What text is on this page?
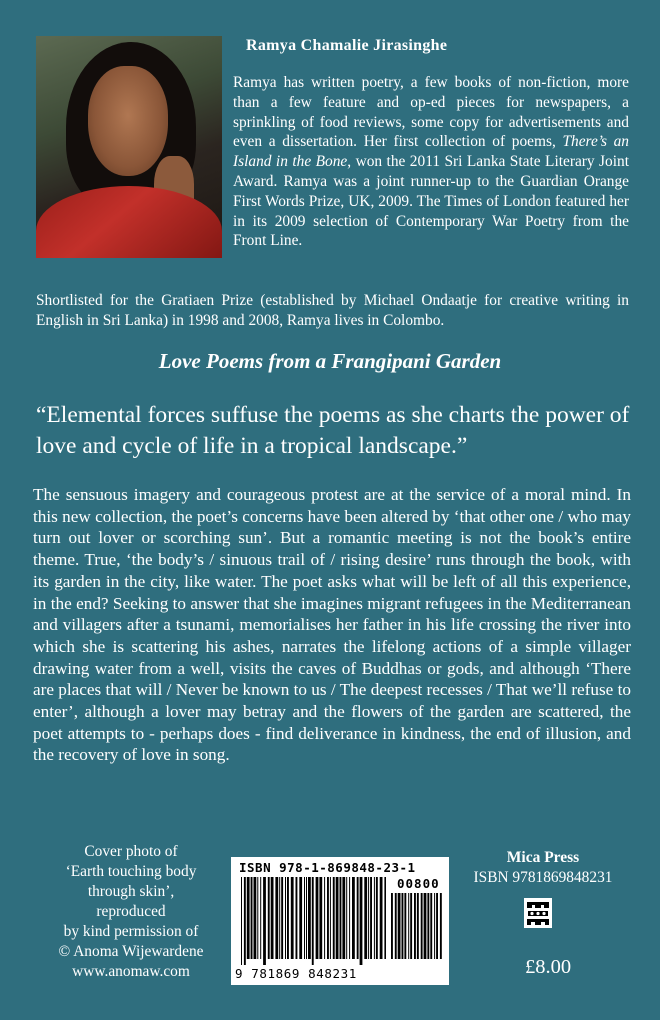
Ramya Chamalie Jirasinghe

Ramya has written poetry, a few books of non-fiction, more than a few feature and op-ed pieces for newspapers, a sprinkling of food reviews, some copy for advertisements and even a dissertation. Her first collection of poems, There’s an Island in the Bone, won the 2011 Sri Lanka State Literary Joint Award. Ramya was a joint runner-up to the Guardian Orange First Words Prize, UK, 2009. The Times of London featured her in its 2009 selection of Contemporary War Poetry from the Front Line.

Shortlisted for the Gratiaen Prize (established by Michael Ondaatje for creative writing in English in Sri Lanka) in 1998 and 2008, Ramya lives in Colombo.

Love Poems from a Frangipani Garden

“Elemental forces suffuse the poems as she charts the power of love and cycle of life in a tropical landscape.”

The sensuous imagery and courageous protest are at the service of a moral mind. In this new collection, the poet’s concerns have been altered by ‘that other one / who may turn out lover or scorching sun’. But a romantic meeting is not the book’s entire theme. True, ‘the body’s / sinuous trail of / rising desire’ runs through the book, with its garden in the city, like water. The poet asks what will be left of all this experience, in the end? Seeking to answer that she imagines migrant refugees in the Mediterranean and villagers after a tsunami, memorialises her father in his life crossing the river into which she is scattering his ashes, narrates the lifelong actions of a simple villager drawing water from a well, visits the caves of Buddhas or gods, and although ‘There are places that will / Never be known to us / The deepest recesses / That we’ll refuse to enter’, although a lover may betray and the flowers of the garden are scattered, the poet attempts to - perhaps does - find deliverance in kindness, the end of illusion, and the recovery of love in song.

Cover photo of
‘Earth touching body
through skin’,
reproduced
by kind permission of
© Anoma Wijewardene
www.anomaw.com
ISBN 978-1-869848-23-1
00800
9 781869 848231
Mica Press
ISBN 9781869848231
£8.00
